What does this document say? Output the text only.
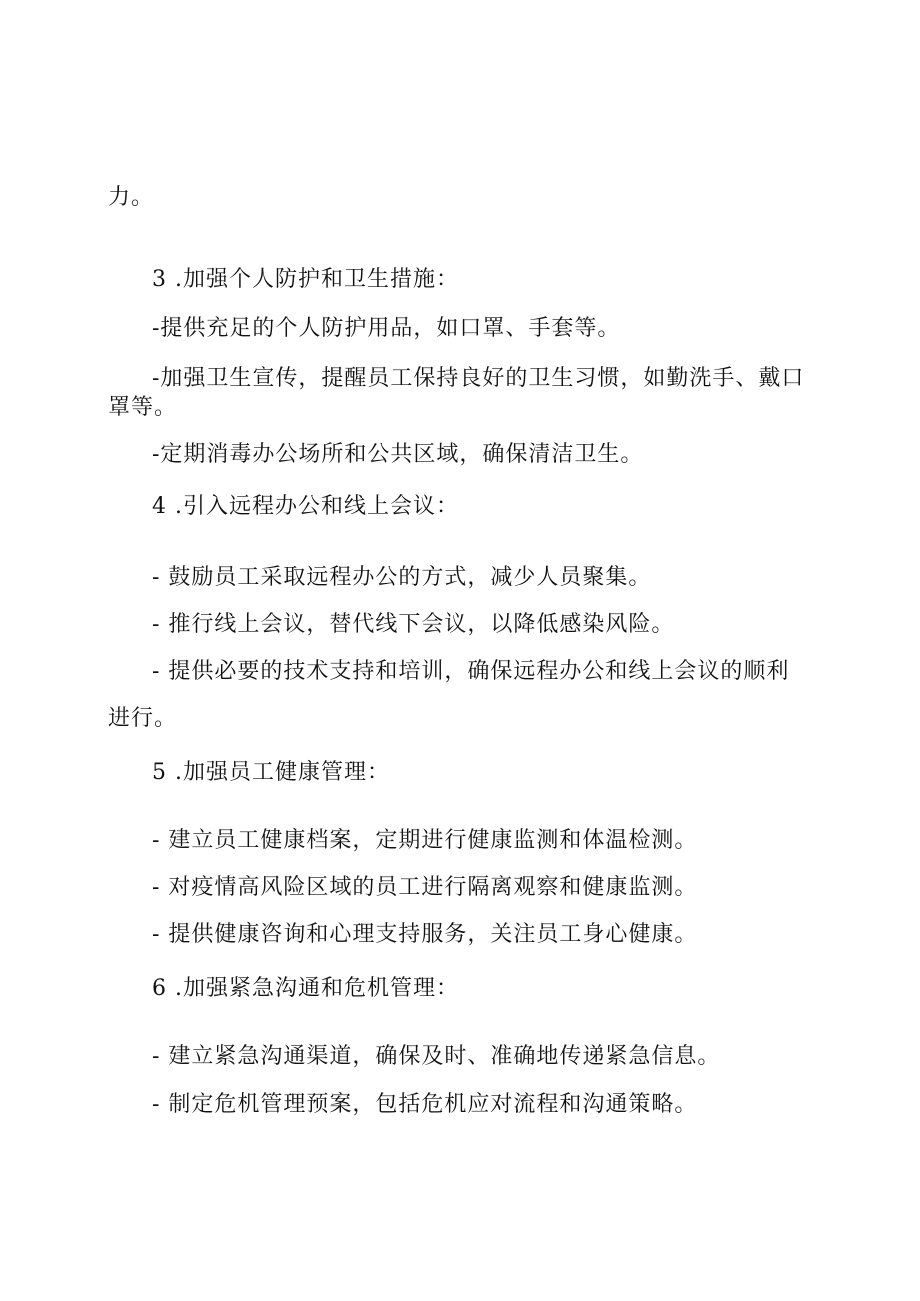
力。
3 .加强个人防护和卫生措施：
-提供充足的个人防护用品，如口罩、手套等。
-加强卫生宣传，提醒员工保持良好的卫生习惯，如勤洗手、戴口
罩等。
-定期消毒办公场所和公共区域，确保清洁卫生。
4 .引入远程办公和线上会议：
- 鼓励员工采取远程办公的方式，减少人员聚集。
- 推行线上会议，替代线下会议，以降低感染风险。
- 提供必要的技术支持和培训，确保远程办公和线上会议的顺利
进行。
5 .加强员工健康管理：
- 建立员工健康档案，定期进行健康监测和体温检测。
- 对疫情高风险区域的员工进行隔离观察和健康监测。
- 提供健康咨询和心理支持服务，关注员工身心健康。
6 .加强紧急沟通和危机管理：
- 建立紧急沟通渠道，确保及时、准确地传递紧急信息。
- 制定危机管理预案，包括危机应对流程和沟通策略。
